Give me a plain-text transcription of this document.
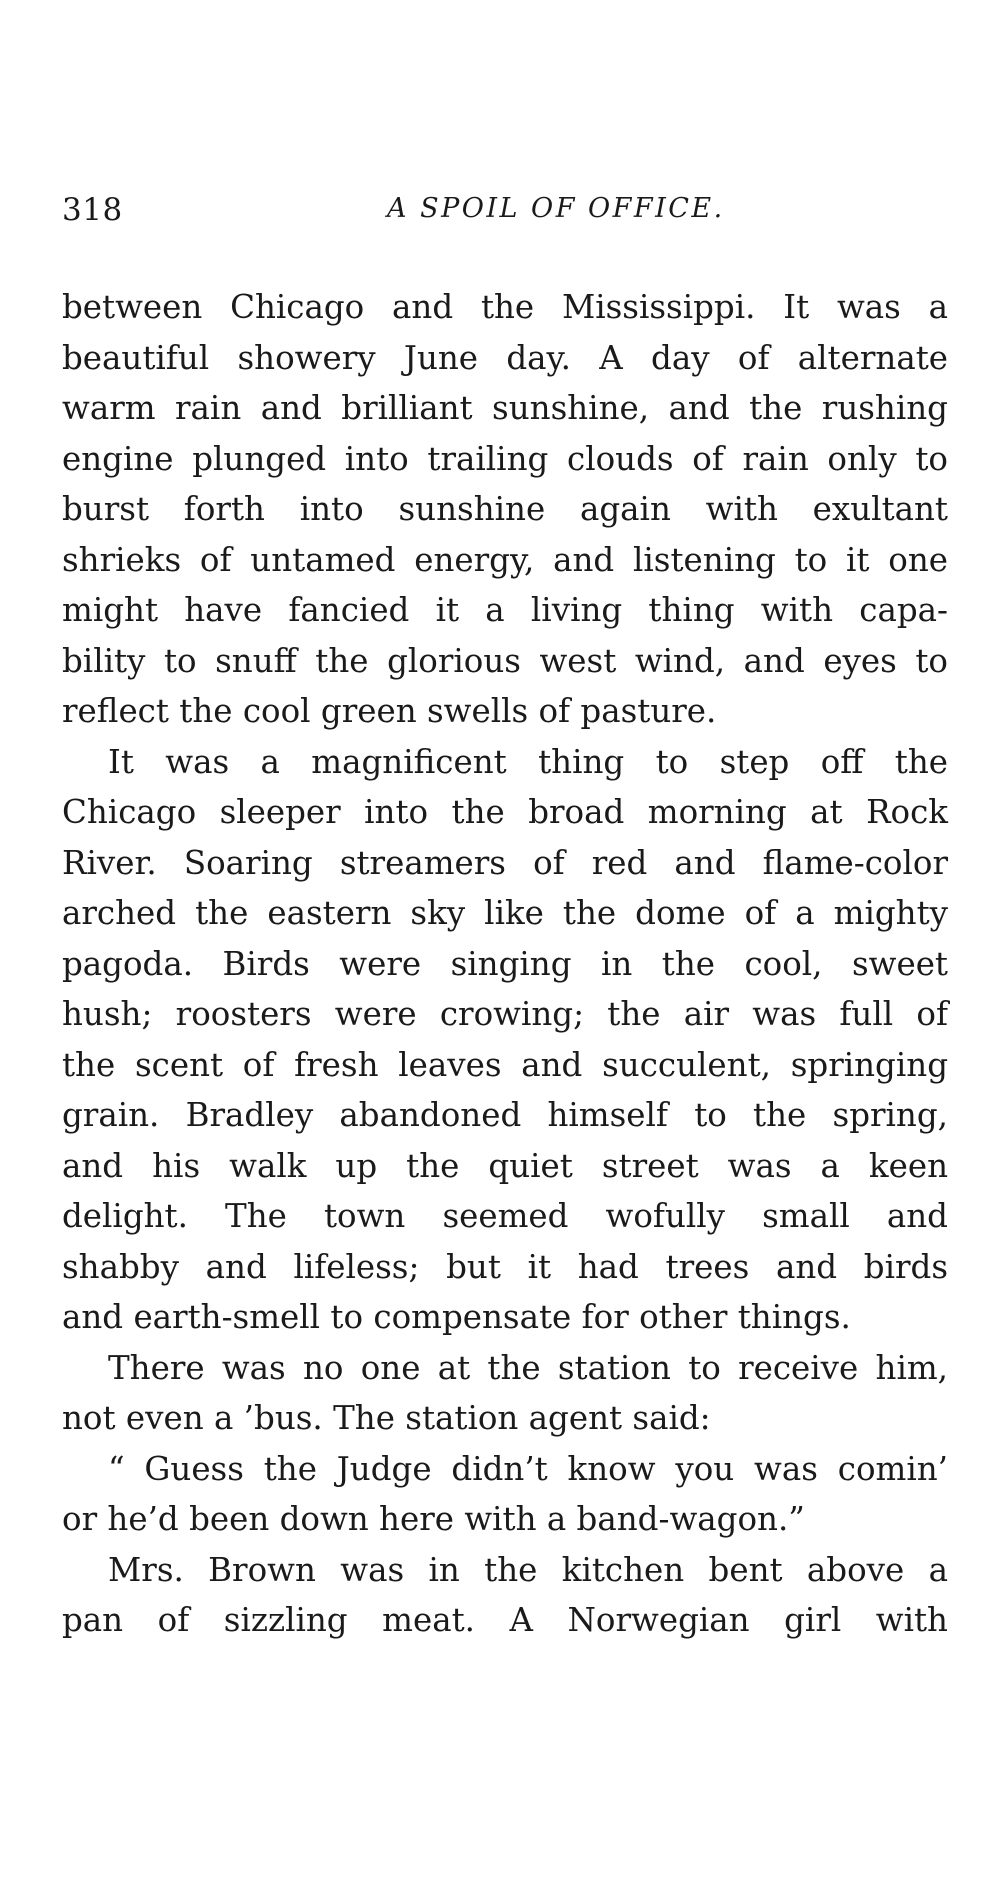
318	A SPOIL OF OFFICE.
between Chicago and the Mississippi. It was a
beautiful showery June day. A day of alternate
warm rain and brilliant sunshine, and the rushing
engine plunged into trailing clouds of rain only to
burst forth into sunshine again with exultant
shrieks of untamed energy, and listening to it one
might have fancied it a living thing with capa-
bility to snuff the glorious west wind, and eyes to
reflect the cool green swells of pasture.
It was a magnificent thing to step off the
Chicago sleeper into the broad morning at Rock
River. Soaring streamers of red and flame-color
arched the eastern sky like the dome of a mighty
pagoda. Birds were singing in the cool, sweet
hush; roosters were crowing; the air was full of
the scent of fresh leaves and succulent, springing
grain. Bradley abandoned himself to the spring,
and his walk up the quiet street was a keen
delight. The town seemed wofully small and
shabby and lifeless; but it had trees and birds
and earth-smell to compensate for other things.
There was no one at the station to receive him,
not even a ’bus. The station agent said:
“ Guess the Judge didn’t know you was comin’
or he’d been down here with a band-wagon.”
Mrs. Brown was in the kitchen bent above a
pan of sizzling meat. A Norwegian girl with
